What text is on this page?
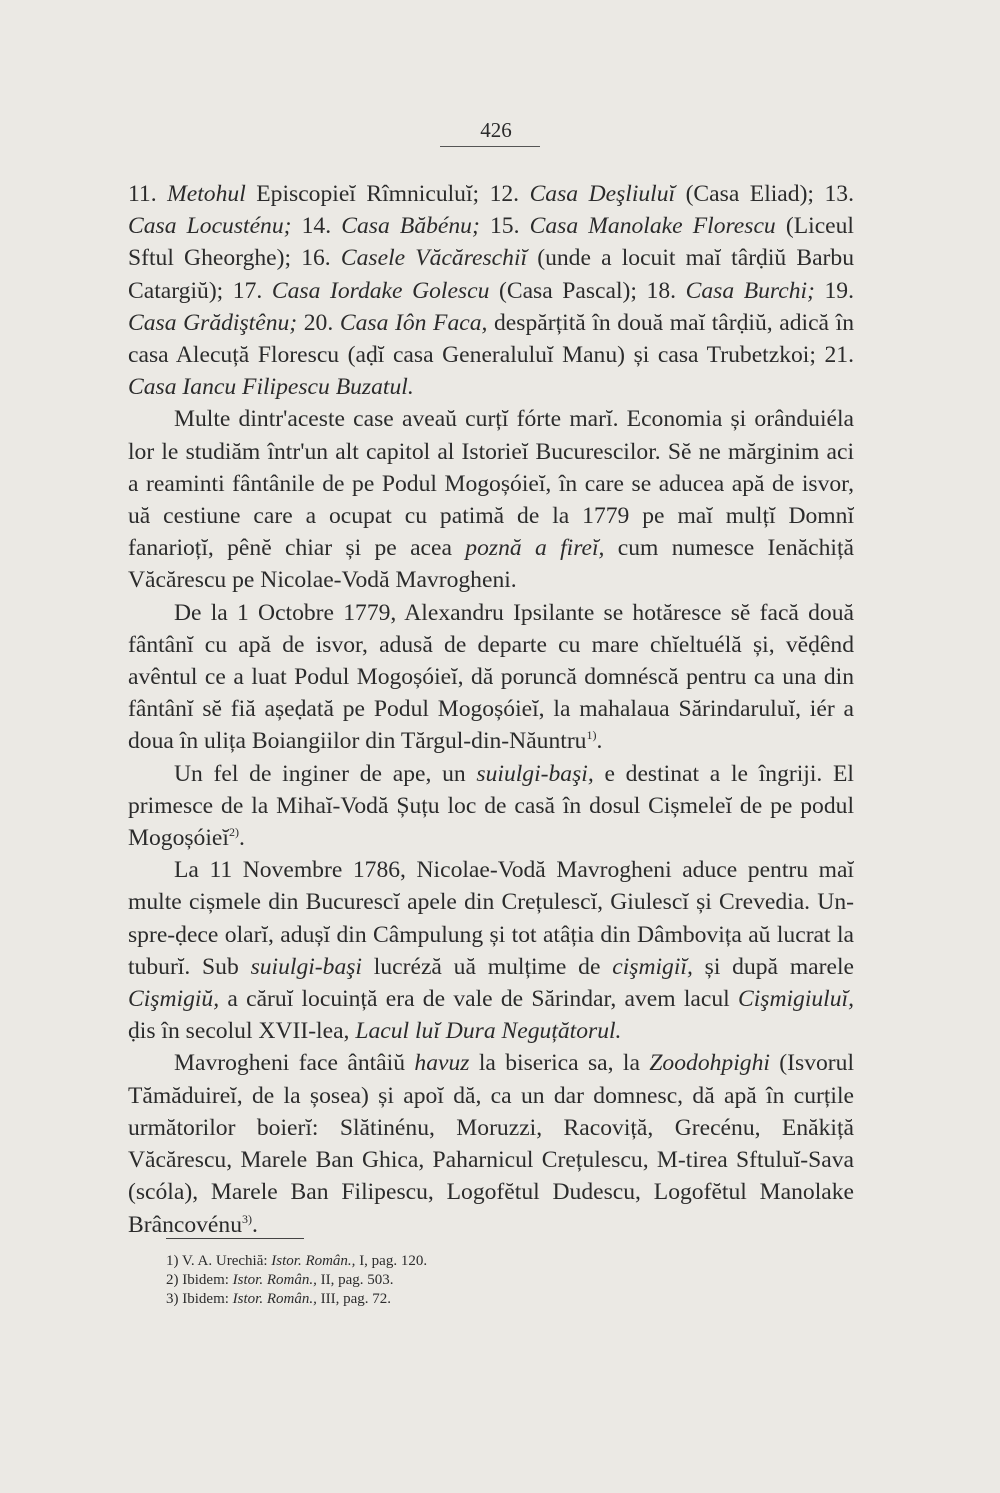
426

11. Metohul Episcopieĭ Rîmniculuĭ; 12. Casa Deşliuluĭ (Casa Eliad); 13. Casa Locusténu; 14. Casa Băbénu; 15. Casa Manolake Florescu (Liceul Sftul Gheorghe); 16. Casele Văcăreschiĭ (unde a locuit maĭ târḍiŭ Barbu Catargiŭ); 17. Casa Iordake Golescu (Casa Pascal); 18. Casa Burchi; 19. Casa Grădiştênu; 20. Casa Iôn Faca, despărțită în două maĭ târḍiŭ, adică în casa Alecuță Florescu (aḍĭ casa Generaluluĭ Manu) și casa Trubetzkoi; 21. Casa Iancu Filipescu Buzatul.

Multe dintr'aceste case aveaŭ curțĭ fórte marĭ. Economia și orânduiéla lor le studiăm într'un alt capitol al Istorieĭ Bucurescilor. Sĕ ne mărginim aci a reaminti fântânile de pe Podul Mogoșóieĭ, în care se aducea apă de isvor, uă cestiune care a ocupat cu patimă de la 1779 pe maĭ mulțĭ Domnĭ fanarioțĭ, pênĕ chiar și pe acea poznă a fireĭ, cum numesce Ienăchiță Văcărescu pe Nicolae-Vodă Mavrogheni.

De la 1 Octobre 1779, Alexandru Ipsilante se hotăresce sĕ facă două fântânĭ cu apă de isvor, adusă de departe cu mare chĭeltuélă și, vĕḍênd avêntul ce a luat Podul Mogoșóieĭ, dă poruncă domnéscă pentru ca una din fântânĭ sĕ fiă așeḍată pe Podul Mogoșóieĭ, la mahalaua Sărindaruluĭ, iér a doua în ulița Boiangiilor din Tărgul-din-Năuntru$^{1)}$.

Un fel de inginer de ape, un suiulgi-başi, e destinat a le îngriji. El primesce de la Mihaĭ-Vodă Șuțu loc de casă în dosul Cișmeleĭ de pe podul Mogoșóieĭ$^{2)}$.

La 11 Novembre 1786, Nicolae-Vodă Mavrogheni aduce pentru maĭ multe cișmele din Bucurescĭ apele din Crețulescĭ, Giulescĭ și Crevedia. Un-spre-ḍece olarĭ, adușĭ din Câmpulung și tot atâția din Dâmbovița aŭ lucrat la tuburĭ. Sub suiulgi-başi lucréză uă mulțime de cişmigiĭ, și după marele Cişmigiŭ, a căruĭ locuință era de vale de Sărindar, avem lacul Cişmigiuluĭ, ḍis în secolul XVII-lea, Lacul luĭ Dura Neguțătorul.

Mavrogheni face ântâiŭ havuz la biserica sa, la Zoodohpighi (Isvorul Tămăduireĭ, de la șosea) și apoĭ dă, ca un dar domnesc, dă apă în curțile următorilor boierĭ: Slătinénu, Moruzzi, Racoviță, Grecénu, Enăkiță Văcărescu, Marele Ban Ghica, Paharnicul Crețulescu, M-tirea Sftuluĭ-Sava (scóla), Marele Ban Filipescu, Logofĕtul Dudescu, Logofĕtul Manolake Brâncovénu$^{3)}$.

1) V. A. Urechiă: Istor. Român., I, pag. 120.
2) Ibidem: Istor. Român., II, pag. 503.
3) Ibidem: Istor. Român., III, pag. 72.
